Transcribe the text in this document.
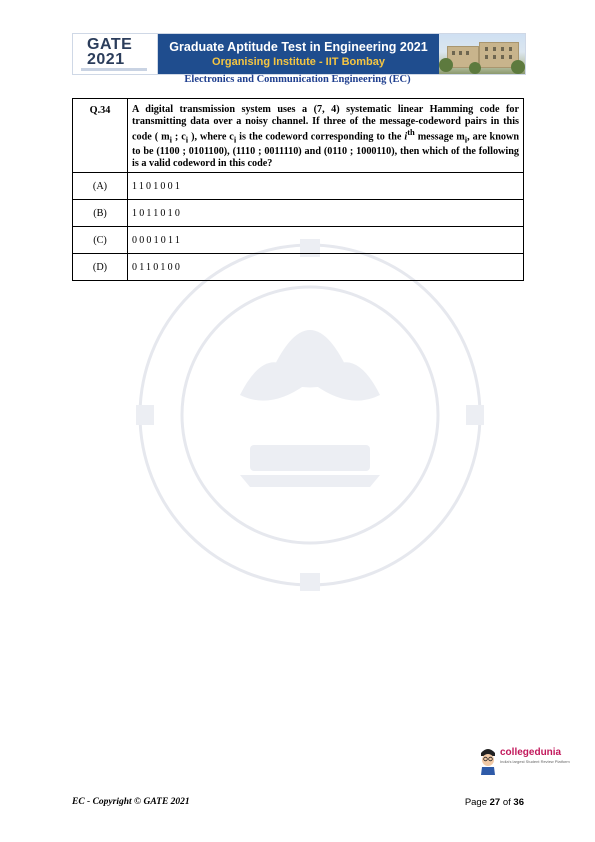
GATE
2021
Graduate Aptitude Test in Engineering 2021
Organising Institute - IIT Bombay
Electronics and Communication Engineering (EC)
Q.34	A digital transmission system uses a (7, 4) systematic linear Hamming code for transmitting data over a noisy channel. If three of the message-codeword pairs in this code ( $m_i$ ; $c_i$ ), where $c_i$ is the codeword corresponding to the $i^{th}$ message $m_i$, are known to be (1100 ; 0101100), (1110 ; 0011110) and (0110 ; 1000110), then which of the following is a valid codeword in this code?
(A)	1101001
(B)	1011010
(C)	0001011
(D)	0110100
collegedunia
India's largest Student Review Platform
EC - Copyright © GATE 2021	Page 27 of 36
